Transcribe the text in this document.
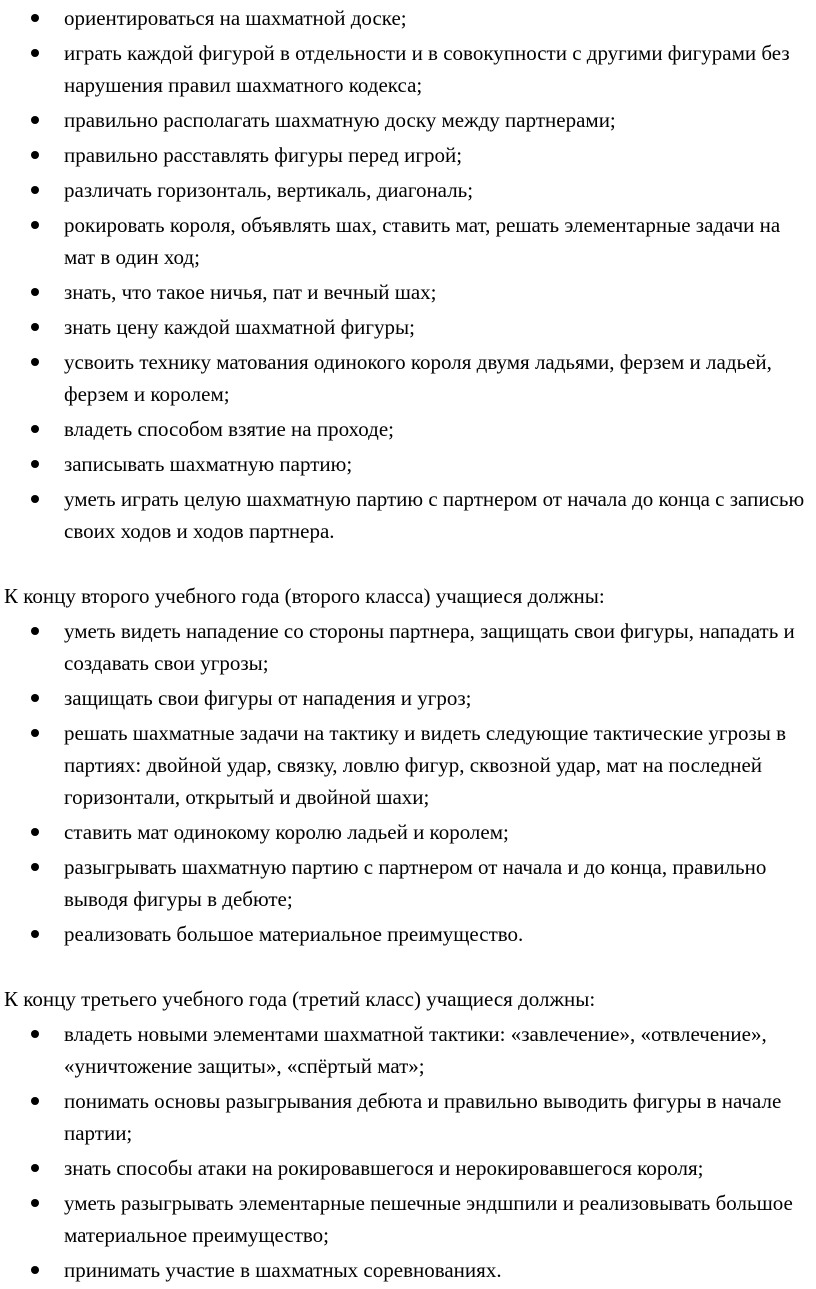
ориентироваться на шахматной доске;
играть каждой фигурой в отдельности и в совокупности с другими фигурами без нарушения правил шахматного кодекса;
правильно располагать шахматную доску между партнерами;
правильно расставлять фигуры перед игрой;
различать горизонталь, вертикаль, диагональ;
рокировать короля, объявлять шах, ставить мат, решать элементарные задачи на мат в один ход;
знать, что такое ничья, пат и вечный шах;
знать цену каждой шахматной фигуры;
усвоить технику матования одинокого короля двумя ладьями, ферзем и ладьей, ферзем и королем;
владеть способом взятие на проходе;
записывать шахматную партию;
уметь играть целую шахматную партию с партнером от начала до конца с записью своих ходов и ходов партнера.

К концу второго учебного года (второго класса) учащиеся должны:

уметь видеть нападение со стороны партнера, защищать свои фигуры, нападать и создавать свои угрозы;
защищать свои фигуры от нападения и угроз;
решать шахматные задачи на тактику и видеть следующие тактические угрозы в партиях: двойной удар, связку, ловлю фигур, сквозной удар, мат на последней горизонтали, открытый и двойной шахи;
ставить мат одинокому королю ладьей и королем;
разыгрывать шахматную партию с партнером от начала и до конца, правильно выводя фигуры в дебюте;
реализовать большое материальное преимущество.

К концу третьего учебного года (третий класс) учащиеся должны:

владеть новыми элементами шахматной тактики: «завлечение», «отвлечение», «уничтожение защиты», «спёртый мат»;
понимать основы разыгрывания дебюта и правильно выводить фигуры в начале партии;
знать способы атаки на рокировавшегося и нерокировавшегося короля;
уметь разыгрывать элементарные пешечные эндшпили и реализовывать большое материальное преимущество;
принимать участие в шахматных соревнованиях.
